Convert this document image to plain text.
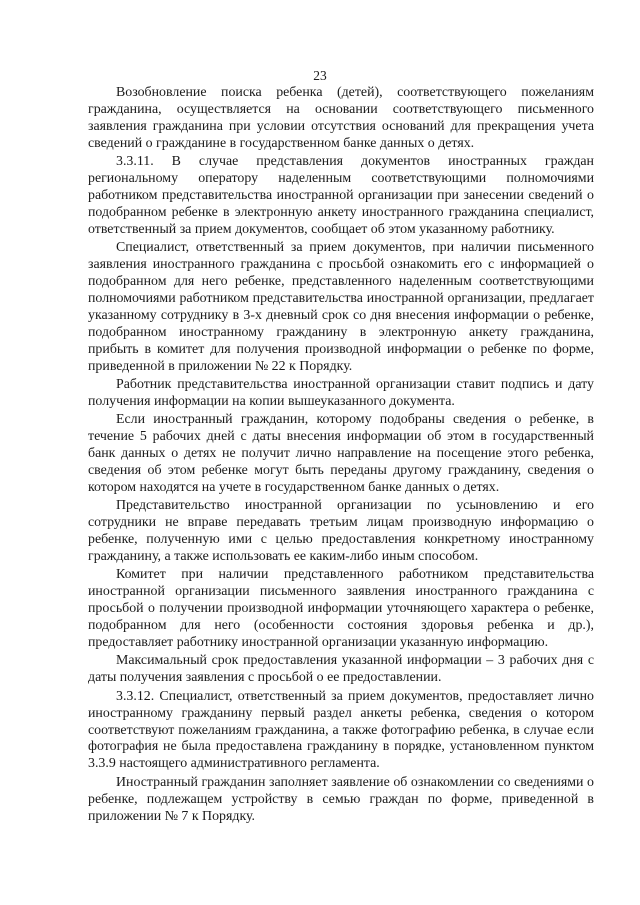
23

Возобновление поиска ребенка (детей), соответствующего пожеланиям гражданина, осуществляется на основании соответствующего письменного заявления гражданина при условии отсутствия оснований для прекращения учета сведений о гражданине в государственном банке данных о детях.

3.3.11. В случае представления документов иностранных граждан региональному оператору наделенным соответствующими полномочиями работником представительства иностранной организации при занесении сведений о подобранном ребенке в электронную анкету иностранного гражданина специалист, ответственный за прием документов, сообщает об этом указанному работнику.

Специалист, ответственный за прием документов, при наличии письменного заявления иностранного гражданина с просьбой ознакомить его с информацией о подобранном для него ребенке, представленного наделенным соответствующими полномочиями работником представительства иностранной организации, предлагает указанному сотруднику в 3-х дневный срок со дня внесения информации о ребенке, подобранном иностранному гражданину в электронную анкету гражданина, прибыть в комитет для получения производной информации о ребенке по форме, приведенной в приложении № 22 к Порядку.

Работник представительства иностранной организации ставит подпись и дату получения информации на копии вышеуказанного документа.

Если иностранный гражданин, которому подобраны сведения о ребенке, в течение 5 рабочих дней с даты внесения информации об этом в государственный банк данных о детях не получит лично направление на посещение этого ребенка, сведения об этом ребенке могут быть переданы другому гражданину, сведения о котором находятся на учете в государственном банке данных о детях.

Представительство иностранной организации по усыновлению и его сотрудники не вправе передавать третьим лицам производную информацию о ребенке, полученную ими с целью предоставления конкретному иностранному гражданину, а также использовать ее каким-либо иным способом.

Комитет при наличии представленного работником представительства иностранной организации письменного заявления иностранного гражданина с просьбой о получении производной информации уточняющего характера о ребенке, подобранном для него (особенности состояния здоровья ребенка и др.), предоставляет работнику иностранной организации указанную информацию.

Максимальный срок предоставления указанной информации – 3 рабочих дня с даты получения заявления с просьбой о ее предоставлении.

3.3.12. Специалист, ответственный за прием документов, предоставляет лично иностранному гражданину первый раздел анкеты ребенка, сведения о котором соответствуют пожеланиям гражданина, а также фотографию ребенка, в случае если фотография не была предоставлена гражданину в порядке, установленном пунктом 3.3.9 настоящего административного регламента.

Иностранный гражданин заполняет заявление об ознакомлении со сведениями о ребенке, подлежащем устройству в семью граждан по форме, приведенной в приложении № 7 к Порядку.
